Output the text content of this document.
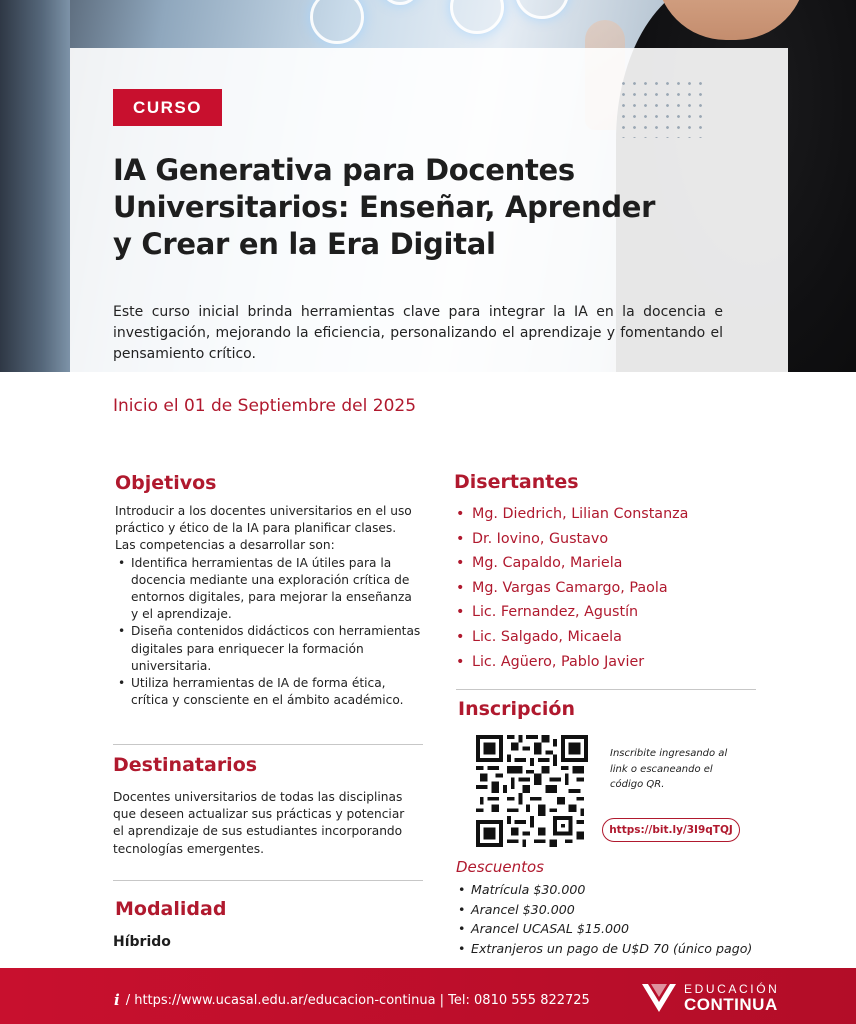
CURSO
IA Generativa para Docentes
Universitarios: Enseñar, Aprender
y Crear en la Era Digital

Este curso inicial brinda herramientas clave para integrar la IA en la docencia e investigación, mejorando la eficiencia, personalizando el aprendizaje y fomentando el pensamiento crítico.

Inicio el 01 de Septiembre del 2025
Objetivos

Introducir a los docentes universitarios en el uso práctico y ético de la IA para planificar clases.

Las competencias a desarrollar son:

• Identifica herramientas de IA útiles para la docencia mediante una exploración crítica de entornos digitales, para mejorar la enseñanza y el aprendizaje.
• Diseña contenidos didácticos con herramientas digitales para enriquecer la formación universitaria.
• Utiliza herramientas de IA de forma ética, crítica y consciente en el ámbito académico.
Destinatarios

Docentes universitarios de todas las disciplinas que deseen actualizar sus prácticas y potenciar el aprendizaje de sus estudiantes incorporando tecnologías emergentes.

Modalidad
Híbrido
Disertantes
• Mg. Diedrich, Lilian Constanza
• Dr. Iovino, Gustavo
• Mg. Capaldo, Mariela
• Mg. Vargas Camargo, Paola
• Lic. Fernandez, Agustín
• Lic. Salgado, Micaela
• Lic. Agüero, Pablo Javier
Inscripción

Inscribite ingresando al link o escaneando el código QR.

https://bit.ly/3I9qTQJ
Descuentos
• Matrícula $30.000
• Arancel $30.000
• Arancel UCASAL $15.000
• Extranjeros un pago de U$D 70 (único pago)
i / https://www.ucasal.edu.ar/educacion-continua | Tel: 0810 555 822725
EDUCACIÓN
CONTINUA
